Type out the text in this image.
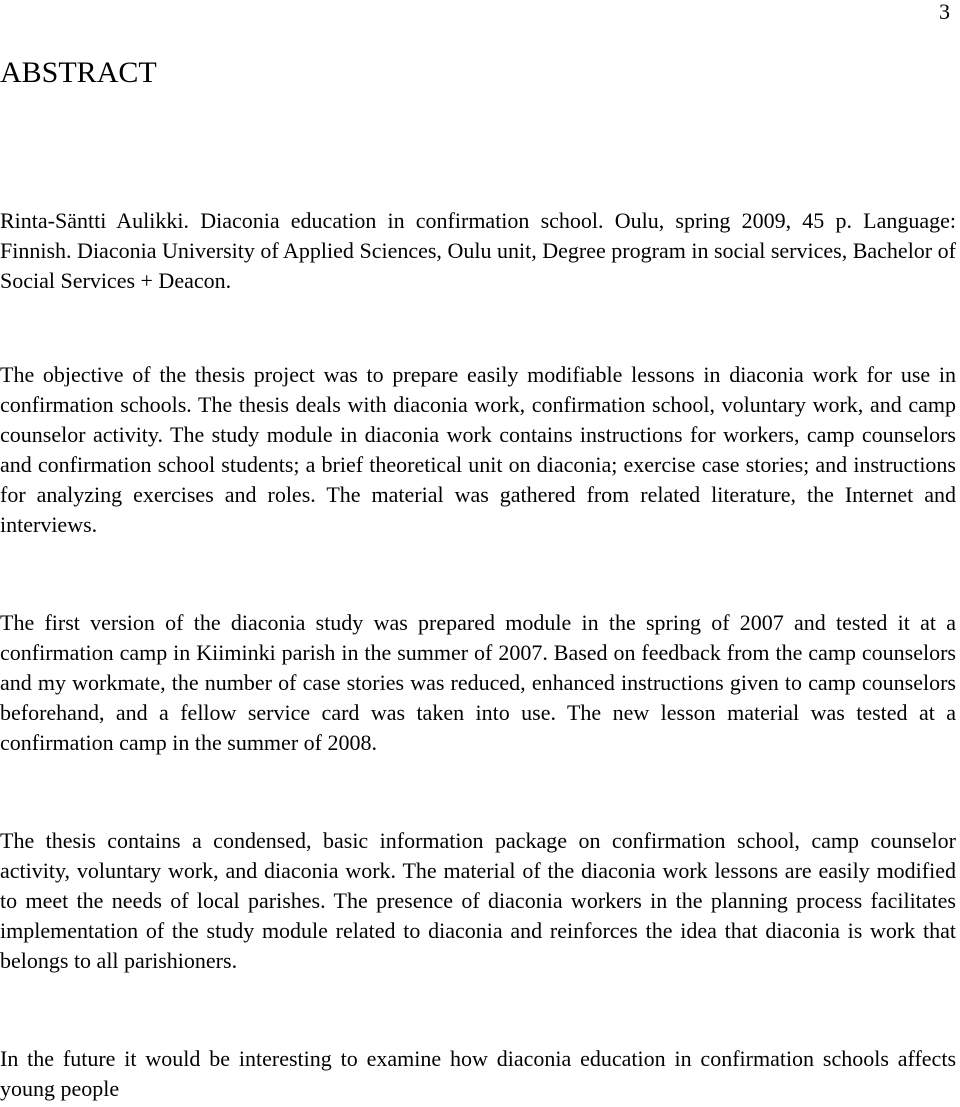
3
ABSTRACT

Rinta-Säntti Aulikki. Diaconia education in confirmation school. Oulu, spring 2009, 45 p. Language: Finnish. Diaconia University of Applied Sciences, Oulu unit, Degree program in social services, Bachelor of Social Services + Deacon.

The objective of the thesis project was to prepare easily modifiable lessons in diaconia work for use in confirmation schools. The thesis deals with diaconia work, confirmation school, voluntary work, and camp counselor activity. The study module in diaconia work contains instructions for workers, camp counselors and confirmation school students; a brief theoretical unit on diaconia; exercise case stories; and instructions for analyzing exercises and roles. The material was gathered from related literature, the Internet and interviews.

The first version of the diaconia study was prepared module in the spring of 2007 and tested it at a confirmation camp in Kiiminki parish in the summer of 2007. Based on feedback from the camp counselors and my workmate, the number of case stories was reduced, enhanced instructions given to camp counselors beforehand, and a fellow service card was taken into use. The new lesson material was tested at a confirmation camp in the summer of 2008.

The thesis contains a condensed, basic information package on confirmation school, camp counselor activity, voluntary work, and diaconia work. The material of the diaconia work lessons are easily modified to meet the needs of local parishes. The presence of diaconia workers in the planning process facilitates implementation of the study module related to diaconia and reinforces the idea that diaconia is work that belongs to all parishioners.

In the future it would be interesting to examine how diaconia education in confirmation schools affects young people
